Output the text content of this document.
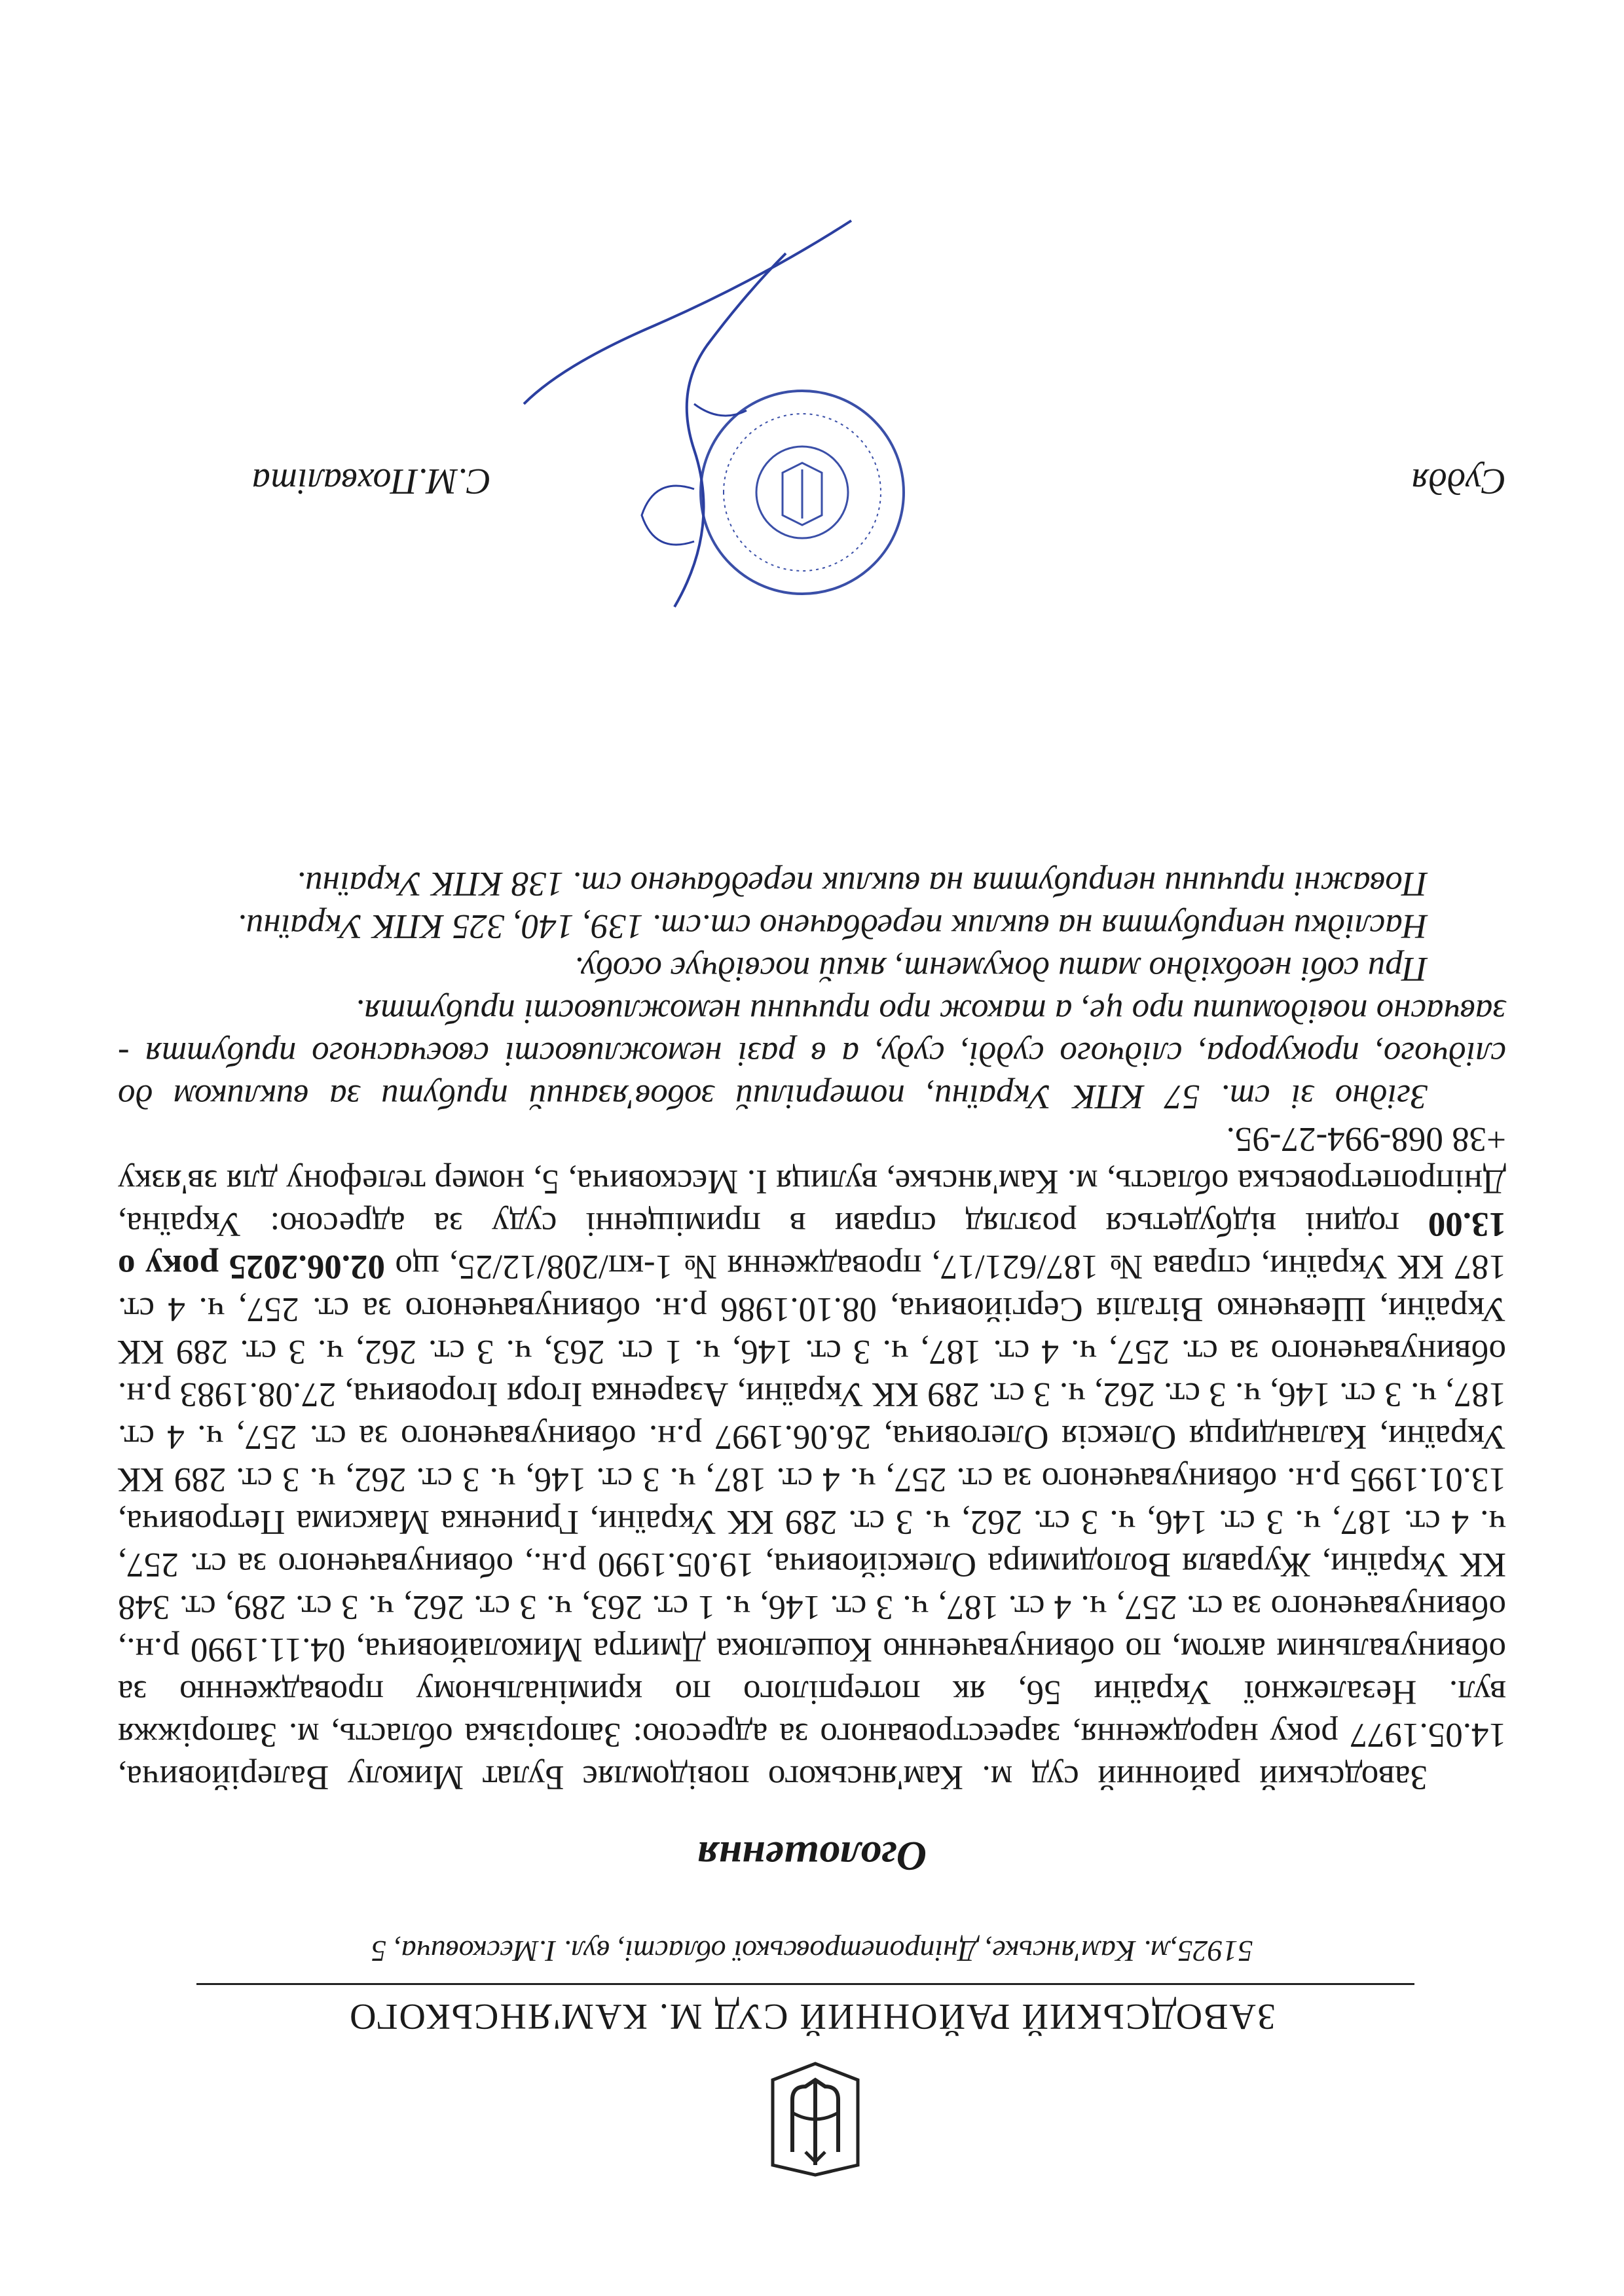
ЗАВОДСЬКИЙ РАЙОННИЙ СУД М. КАМ'ЯНСЬКОГО
51925,м. Кам'янське, Дніпропетровської області, вул. І.Мєсковича, 5
Оголошення

Заводський районний суд м. Кам'янського повідомляє Булат Миколу Валерійовича, 14.05.1977 року народження, зареєстрованого за адресою: Запорізька область, м. Запоріжжя вул. Незалежної України 56, як потерпілого по кримінальному провадженню за обвинувальним актом, по обвинуваченню Кошелюка Дмитра Миколайовича, 04.11.1990 р.н., обвинуваченого за ст. 257, ч. 4 ст. 187, ч. 3 ст. 146, ч. 1 ст. 263, ч. 3 ст. 262, ч. 3 ст. 289, ст. 348 КК України, Журавля Володимира Олексійовича, 19.05.1990 р.н., обвинуваченого за ст. 257, ч. 4 ст. 187, ч. 3 ст. 146, ч. 3 ст. 262, ч. 3 ст. 289 КК України, Гриненка Максима Петровича, 13.01.1995 р.н. обвинуваченого за ст. 257, ч. 4 ст. 187, ч. 3 ст. 146, ч. 3 ст. 262, ч. 3 ст. 289 КК України, Каландирця Олексія Олеговича, 26.06.1997 р.н. обвинуваченого за ст. 257, ч. 4 ст. 187, ч. 3 ст. 146, ч. 3 ст. 262, ч. 3 ст. 289 КК України, Азаренка Ігоря Ігоровича, 27.08.1983 р.н. обвинуваченого за ст. 257, ч. 4 ст. 187, ч. 3 ст. 146, ч. 1 ст. 263, ч. 3 ст. 262, ч. 3 ст. 289 КК України, Шевченко Віталія Сергійовича, 08.10.1986 р.н. обвинуваченого за ст. 257, ч. 4 ст. 187 КК України, справа № 187/621/17, провадження № 1-кп/208/12/25, що 02.06.2025 року о 13.00 годині відбудеться розгляд справи в приміщенні суду за адресою: Україна, Дніпропетровська область, м. Кам'янське, вулиця І. Мєсковича, 5, номер телефону для зв'язку +38 068-994-27-95.

Згідно зі ст. 57 КПК України, потерпілий зобов'язаний прибути за викликом до слідчого, прокурора, слідчого судді, суду, а в разі неможливості своєчасного прибуття - завчасно повідомити про це, а також про причини неможливості прибуття.

При собі необхідно мати документ, який посвідчує особу.

Наслідки неприбуття на виклик передбачено ст.ст. 139, 140, 325 КПК України.

Поважні причини неприбуття на виклик передбачено ст. 138 КПК України.

Суддя
С.М.Похваліта
